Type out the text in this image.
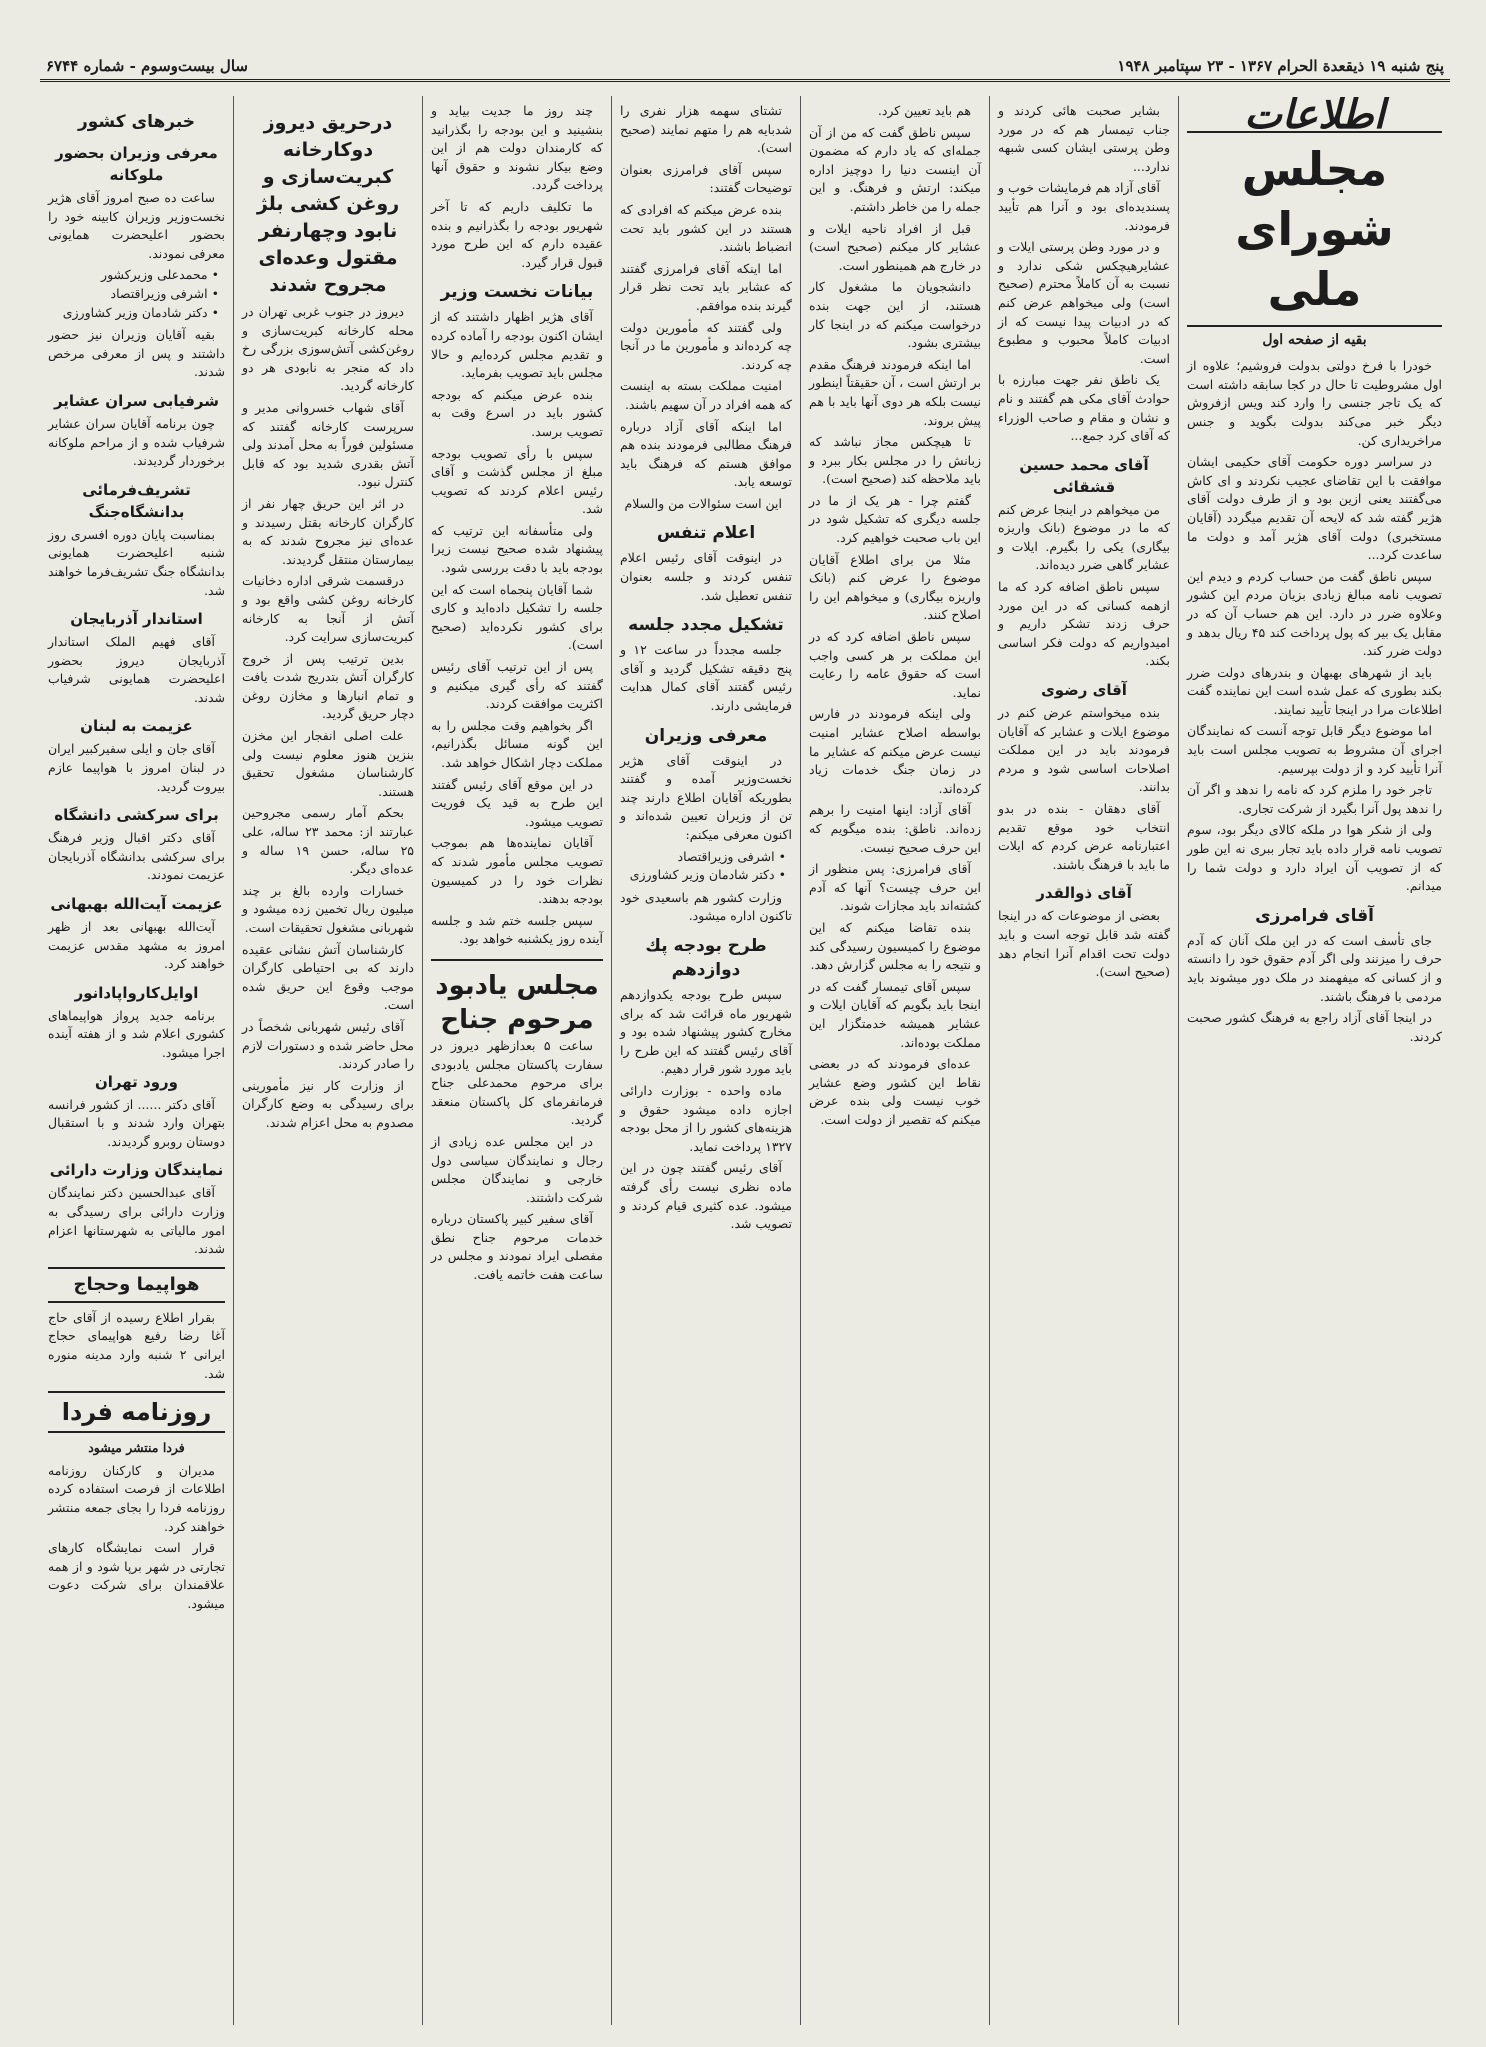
پنج شنبه ۱۹ ذیقعدة الحرام ۱۳۶۷ - ۲۳ سپتامبر ۱۹۴۸
سال بیست‌وسوم - شماره ۶۷۴۴
اطلاعات
مجلس شورای ملی
بقیه از صفحه اول

خودرا با فرخ دولتی بدولت فروشیم؛ علاوه از اول مشروطیت تا حال در کجا سابقه داشته است که یک تاجر جنسی را وارد کند ویس ازفروش دیگر خبر می‌کند بدولت بگوید و جنس مراخریداری کن.

در سراسر دوره حکومت آقای حکیمی ایشان موافقت با این تقاضای عجیب نکردند و ای کاش می‌گفتند یعنی ازین بود و از طرف دولت آقای هژیر گفته شد که لایحه آن تقدیم میگردد (آقایان مستخبری) دولت آقای هژیر آمد و دولت ما ساعدت کرد...

سپس ناطق گفت من حساب کردم و دیدم این تصویب نامه مبالغ زیادی بزیان مردم این کشور وعلاوه ضرر در دارد. این هم حساب آن که در مقابل یک بیر که پول پرداخت کند ۴۵ ریال بدهد و دولت ضرر کند.

باید از شهرهای بهبهان و بندرهای دولت ضرر بکند بطوری که عمل شده است این نماینده گفت اطلاعات مرا در اینجا تأیید نمایند.

اما موضوع دیگر قابل توجه آنست که نمایندگان اجرای آن مشروط به تصویب مجلس است باید آنرا تأیید کرد و از دولت بپرسیم.

تاجر خود را ملزم کرد که نامه را ندهد و اگر آن را ندهد پول آنرا بگیرد از شرکت تجاری.

ولی از شکر هوا در ملکه کالای دیگر بود، سوم تصویب نامه قرار داده باید تجار ببری نه این طور که از تصویب آن ایراد دارد و دولت شما را میدانم.

آقای فرامرزی

جای تأسف است که در این ملک آنان که آدم حرف را میزنند ولی اگر آدم حقوق خود را دانسته و از کسانی که میفهمند در ملک دور میشوند باید مردمی با فرهنگ باشند.

در اینجا آقای آزاد راجع به فرهنگ کشور صحبت کردند.

بشایر صحبت هائی کردند و جناب تیمسار هم که در مورد وطن پرستی ایشان کسی شبهه ندارد...

آقای آزاد هم فرمایشات خوب و پسندیده‌ای بود و آنرا هم تأیید فرمودند.

و در مورد وطن پرستی ایلات و عشایرهیچکس شکی ندارد و نسبت به آن کاملاً محترم (صحیح است) ولی میخواهم عرض کنم که در ادبیات پیدا نیست که از ادبیات کاملاً محبوب و مطبوع است.

یک ناطق نفر جهت مبارزه با حوادث آقای مکی هم گفتند و نام و نشان و مقام و صاحب الوزراء که آقای کرد جمع...

آقای محمد حسین قشقائی

من میخواهم در اینجا عرض کنم که ما در موضوع (بانک واریزه بیگاری) یکی را بگیرم. ایلات و عشایر گاهی ضرر دیده‌اند.

سپس ناطق اضافه کرد که ما ازهمه کسانی که در این مورد حرف زدند تشکر داریم و امیدواریم که دولت فکر اساسی بکند.

آقای رضوی

بنده میخواستم عرض کنم در موضوع ایلات و عشایر که آقایان فرمودند باید در این مملکت اصلاحات اساسی شود و مردم بدانند.

آقای دهقان - بنده در بدو انتخاب خود موقع تقدیم اعتبارنامه عرض کردم که ایلات ما باید با فرهنگ باشند.

آقای ذوالقدر

بعضی از موضوعات که در اینجا گفته شد قابل توجه است و باید دولت تحت اقدام آنرا انجام دهد (صحیح است).

هم باید تعیین کرد.

سپس ناطق گفت که من از آن جمله‌ای که یاد دارم که مضمون آن اینست دنیا را دوچیز اداره میکند: ارتش و فرهنگ. و این جمله را من خاطر داشتم.

قبل از افراد ناحیه ایلات و عشایر کار میکنم (صحیح است) در خارج هم همینطور است.

دانشجویان ما مشغول کار هستند، از این جهت بنده درخواست میکنم که در اینجا کار بیشتری بشود.

اما اینکه فرمودند فرهنگ مقدم بر ارتش است ، آن حقیقتاً اینطور نیست بلکه هر دوی آنها باید با هم پیش بروند.

تا هیچکس مجاز نباشد که زبانش را در مجلس بکار ببرد و باید ملاحظه کند (صحیح است).

گفتم چرا - هر یک از ما در جلسه دیگری که تشکیل شود در این باب صحبت خواهیم کرد.

مثلا من برای اطلاع آقایان موضوع را عرض کنم (بانک واریزه بیگاری) و میخواهم این را اصلاح کنند.

سپس ناطق اضافه کرد که در این مملکت بر هر کسی واجب است که حقوق عامه را رعایت نماید.

ولی اینکه فرمودند در فارس بواسطه اصلاح عشایر امنیت نیست عرض میکنم که عشایر ما در زمان جنگ خدمات زیاد کرده‌اند.

آقای آزاد: اینها امنیت را برهم زده‌اند. ناطق: بنده میگویم که این حرف صحیح نیست.

آقای فرامرزی: پس منظور از این حرف چیست؟ آنها که آدم کشته‌اند باید مجازات شوند.

بنده تقاضا میکنم که این موضوع را کمیسیون رسیدگی کند و نتیجه را به مجلس گزارش دهد.

سپس آقای تیمسار گفت که در اینجا باید بگویم که آقایان ایلات و عشایر همیشه خدمتگزار این مملکت بوده‌اند.

عده‌ای فرمودند که در بعضی نقاط این کشور وضع عشایر خوب نیست ولی بنده عرض میکنم که تقصیر از دولت است.

تشتای سهمه هزار نفری را شدبایه هم را متهم نمایند (صحیح است).

سپس آقای فرامرزی بعنوان توضیحات گفتند:

بنده عرض میکنم که افرادی که هستند در این کشور باید تحت انضباط باشند.

اما اینکه آقای فرامرزی گفتند که عشایر باید تحت نظر قرار گیرند بنده موافقم.

ولی گفتند که مأمورین دولت چه کرده‌اند و مأمورین ما در آنجا چه کردند.

امنیت مملکت بسته به اینست که همه افراد در آن سهیم باشند.

اما اینکه آقای آزاد درباره فرهنگ مطالبی فرمودند بنده هم موافق هستم که فرهنگ باید توسعه یابد.

این است سئوالات من والسلام

اعلام تنفس

در اینوقت آقای رئیس اعلام تنفس کردند و جلسه بعنوان تنفس تعطیل شد.

تشکیل مجدد جلسه

جلسه مجدداً در ساعت ۱۲ و پنج دقیقه تشکیل گردید و آقای رئیس گفتند آقای کمال هدایت فرمایشی دارند.

معرفی وزیران

در اینوقت آقای هژیر نخست‌وزیر آمده و گفتند بطوریکه آقایان اطلاع دارند چند تن از وزیران تعیین شده‌اند و اکنون معرفی میکنم:

• اشرفی وزیراقتصاد
• دکتر شادمان وزیر کشاورزی

وزارت کشور هم باسعیدی خود تاکنون اداره میشود.

طرح بودجه پك دوازدهم

سپس طرح بودجه یکدوازدهم شهریور ماه قرائت شد که برای مخارج کشور پیشنهاد شده بود و آقای رئیس گفتند که این طرح را باید مورد شور قرار دهیم.

ماده واحده - بوزارت دارائی اجازه داده میشود حقوق و هزینه‌های کشور را از محل بودجه ۱۳۲۷ پرداخت نماید.

آقای رئیس گفتند چون در این ماده نظری نیست رأی گرفته میشود. عده کثیری قیام کردند و تصویب شد.

چند روز ما جدیت بیاید و بنشینید و این بودجه را بگذرانید که کارمندان دولت هم از این وضع بیکار نشوند و حقوق آنها پرداخت گردد.

ما تکلیف داریم که تا آخر شهریور بودجه را بگذرانیم و بنده عقیده دارم که این طرح مورد قبول قرار گیرد.

بیانات نخست وزیر

آقای هژیر اظهار داشتند که از ایشان اکنون بودجه را آماده کرده و تقدیم مجلس کرده‌ایم و حالا مجلس باید تصویب بفرماید.

بنده عرض میکنم که بودجه کشور باید در اسرع وقت به تصویب برسد.

سپس با رأی تصویب بودجه مبلغ از مجلس گذشت و آقای رئیس اعلام کردند که تصویب شد.

ولی متأسفانه این ترتیب که پیشنهاد شده صحیح نیست زیرا بودجه باید با دقت بررسی شود.

شما آقایان پنجماه است که این جلسه را تشکیل داده‌اید و کاری برای کشور نکرده‌اید (صحیح است).

پس از این ترتیب آقای رئیس گفتند که رأی گیری میکنیم و اکثریت موافقت کردند.

اگر بخواهیم وقت مجلس را به این گونه مسائل بگذرانیم، مملکت دچار اشکال خواهد شد.

در این موقع آقای رئیس گفتند این طرح به قید یک فوریت تصویب میشود.

آقایان نماینده‌ها هم بموجب تصویب مجلس مأمور شدند که نظرات خود را در کمیسیون بودجه بدهند.

سپس جلسه ختم شد و جلسه آینده روز یکشنبه خواهد بود.

مجلس یادبود مرحوم جناح

ساعت ۵ بعدازظهر دیروز در سفارت پاکستان مجلس یادبودی برای مرحوم محمدعلی جناح فرمانفرمای کل پاکستان منعقد گردید.

در این مجلس عده زیادی از رجال و نمایندگان سیاسی دول خارجی و نمایندگان مجلس شرکت داشتند.

آقای سفیر کبیر پاکستان درباره خدمات مرحوم جناح نطق مفصلی ایراد نمودند و مجلس در ساعت هفت خاتمه یافت.

درحریق دیروز دوکارخانه کبریت‌سازی و روغن‌ کشی بلژ نابود وچهارنفر مقتول وعده‌ای مجروح‌ شدند

دیروز در جنوب غربی تهران در محله کارخانه کبریت‌سازی و روغن‌کشی آتش‌سوزی بزرگی رخ داد که منجر به نابودی هر دو کارخانه گردید.

آقای شهاب خسروانی مدیر و سرپرست کارخانه گفتند که مسئولین فوراً به محل آمدند ولی آتش بقدری شدید بود که قابل کنترل نبود.

در اثر این حریق چهار نفر از کارگران کارخانه بقتل رسیدند و عده‌ای نیز مجروح شدند که به بیمارستان منتقل گردیدند.

درقسمت شرقی اداره دخانیات کارخانه روغن کشی واقع بود و آتش از آنجا به کارخانه کبریت‌سازی سرایت کرد.

بدین ترتیب پس از خروج کارگران آتش بتدریج شدت یافت و تمام انبارها و مخازن روغن دچار حریق گردید.

علت اصلی انفجار این مخزن بنزین هنوز معلوم نیست ولی کارشناسان مشغول تحقیق هستند.

بحکم آمار رسمی مجروحین عبارتند از: محمد ۲۳ ساله، علی ۲۵ ساله، حسن ۱۹ ساله و عده‌ای دیگر.

خسارات وارده بالغ بر چند میلیون ریال تخمین زده میشود و شهربانی مشغول تحقیقات است.

کارشناسان آتش نشانی عقیده دارند که بی احتیاطی کارگران موجب وقوع این حریق شده است.

آقای رئیس شهربانی شخصاً در محل حاضر شده و دستورات لازم را صادر کردند.

از وزارت کار نیز مأمورینی برای رسیدگی به وضع کارگران مصدوم به محل اعزام شدند.

خبرهای کشور
معرفی وزیران بحضور ملوکانه

ساعت ده صبح امروز آقای هژیر نخست‌وزیر وزیران کابینه خود را بحضور اعلیحضرت همایونی معرفی نمودند.

• محمدعلی وزیرکشور
• اشرفی وزیراقتصاد
• دکتر شادمان وزیر کشاورزی

بقیه آقایان وزیران نیز حضور داشتند و پس از معرفی مرخص شدند.

شرفیابی سران عشایر

چون برنامه آقایان سران عشایر شرفیاب شده و از مراحم ملوکانه برخوردار گردیدند.

تشریف‌فرمائی بدانشگاه‌جنگ

بمناسبت پایان دوره افسری روز شنبه اعلیحضرت همایونی بدانشگاه جنگ تشریف‌فرما خواهند شد.

استاندار آذربایجان

آقای فهیم الملک استاندار آذربایجان دیروز بحضور اعلیحضرت همایونی شرفیاب شدند.

عزیمت به لبنان

آقای جان و ایلی سفیرکبیر ایران در لبنان امروز با هواپیما عازم بیروت گردید.

برای سرکشی دانشگاه

آقای دکتر اقبال وزیر فرهنگ برای سرکشی بدانشگاه آذربایجان عزیمت نمودند.

عزیمت آیت‌الله بهبهانی

آیت‌الله بهبهانی بعد از ظهر امروز به مشهد مقدس عزیمت خواهند کرد.

اوایل‌کارواپادانور

برنامه جدید پرواز هواپیماهای کشوری اعلام شد و از هفته آینده اجرا میشود.

ورود تهران

آقای دکتر ...... از کشور فرانسه بتهران وارد شدند و با استقبال دوستان روبرو گردیدند.

نمایندگان وزارت دارائی

آقای عبدالحسین دکتر نمایندگان وزارت دارائی برای رسیدگی به امور مالیاتی به شهرستانها اعزام شدند.

هواپیما وحجاج

بقرار اطلاع رسیده از آقای حاج آغا رضا رفیع هواپیمای حجاج ایرانی ۲ شنبه وارد مدینه منوره شد.

روزنامه فردا
فردا منتشر میشود

مدیران و کارکنان روزنامه اطلاعات از فرصت استفاده کرده روزنامه فردا را بجای جمعه منتشر خواهند کرد.

قرار است نمایشگاه کارهای تجارتی در شهر برپا شود و از همه علاقمندان برای شرکت دعوت میشود.
